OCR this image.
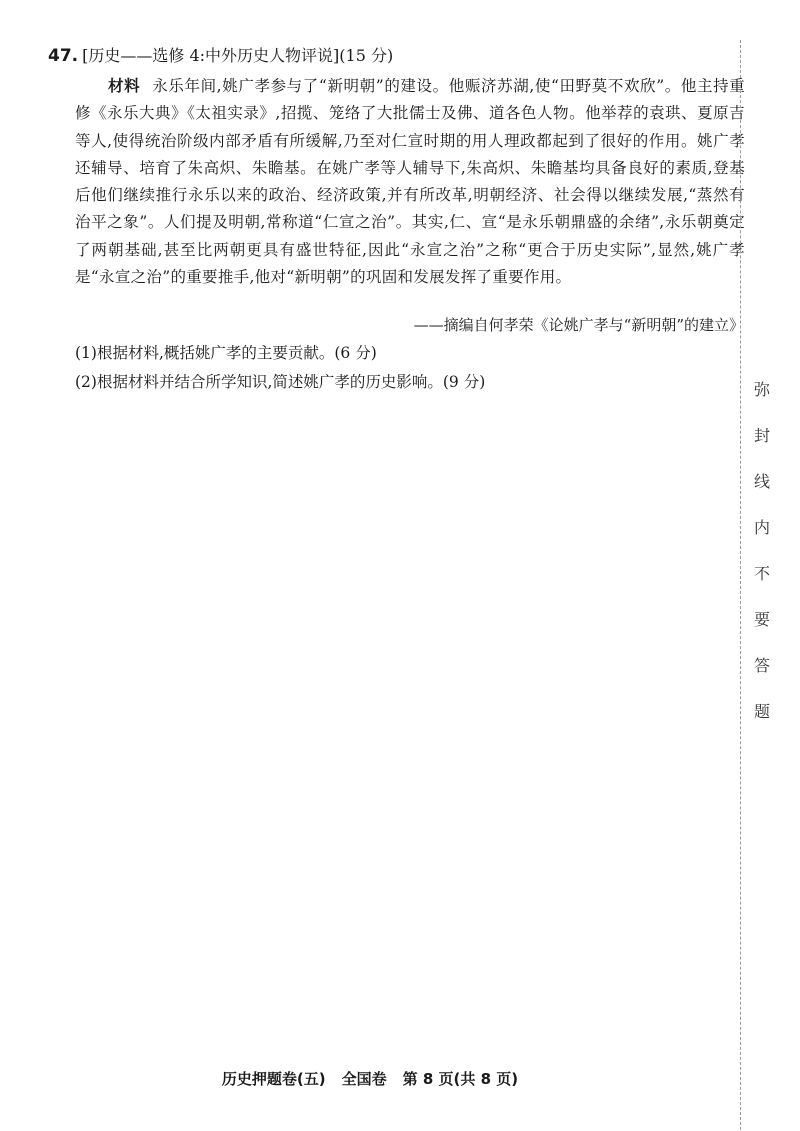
47. [历史——选修 4:中外历史人物评说](15 分)

材料 永乐年间,姚广孝参与了“新明朝”的建设。他赈济苏湖,使“田野莫不欢欣”。他主持重修《永乐大典》《太祖实录》,招揽、笼络了大批儒士及佛、道各色人物。他举荐的袁珙、夏原吉等人,使得统治阶级内部矛盾有所缓解,乃至对仁宣时期的用人理政都起到了很好的作用。姚广孝还辅导、培育了朱高炽、朱瞻基。在姚广孝等人辅导下,朱高炽、朱瞻基均具备良好的素质,登基后他们继续推行永乐以来的政治、经济政策,并有所改革,明朝经济、社会得以继续发展,“蒸然有治平之象”。人们提及明朝,常称道“仁宣之治”。其实,仁、宣“是永乐朝鼎盛的余绪”,永乐朝奠定了两朝基础,甚至比两朝更具有盛世特征,因此“永宣之治”之称“更合于历史实际”,显然,姚广孝是“永宣之治”的重要推手,他对“新明朝”的巩固和发展发挥了重要作用。

——摘编自何孝荣《论姚广孝与“新明朝”的建立》
(1)根据材料,概括姚广孝的主要贡献。(6 分)
(2)根据材料并结合所学知识,简述姚广孝的历史影响。(9 分)	弥
封
线
内
不
要
答
题
历史押题卷(五) 全国卷 第 8 页(共 8 页)
